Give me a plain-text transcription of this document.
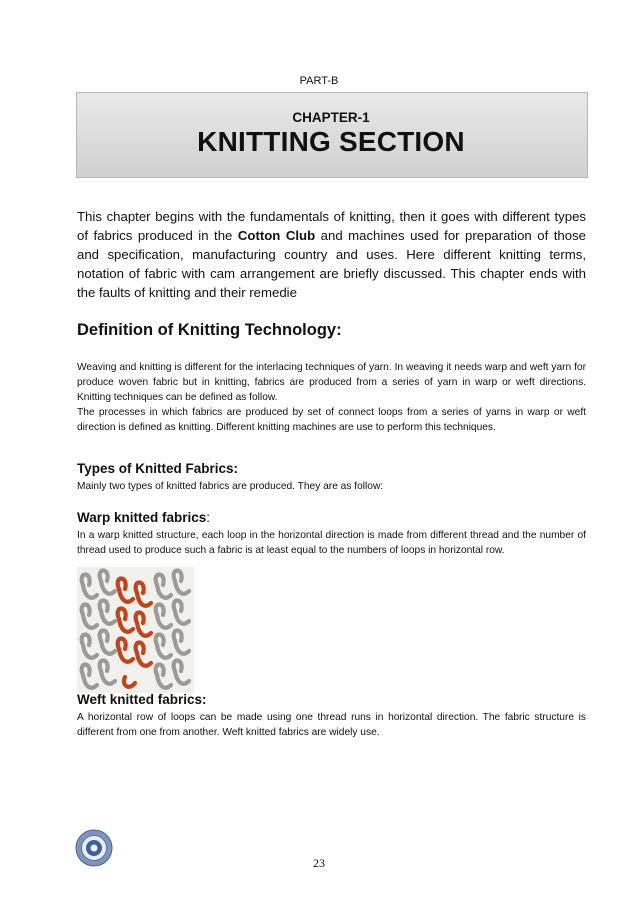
PART-B
CHAPTER-1
KNITTING SECTION

This chapter begins with the fundamentals of knitting, then it goes with different types of fabrics produced in the Cotton Club and machines used for preparation of those and specification, manufacturing country and uses. Here different knitting terms, notation of fabric with cam arrangement are briefly discussed. This chapter ends with the faults of knitting and their remedie

Definition of Knitting Technology:

Weaving and knitting is different for the interlacing techniques of yarn. In weaving it needs warp and weft yarn for produce woven fabric but in knitting, fabrics are produced from a series of yarn in warp or weft directions. Knitting techniques can be defined as follow.

The processes in which fabrics are produced by set of connect loops from a series of yarns in warp or weft direction is defined as knitting. Different knitting machines are use to perform this techniques.

Types of Knitted Fabrics:

Mainly two types of knitted fabrics are produced. They are as follow:

Warp knitted fabrics:

In a warp knitted structure, each loop in the horizontal direction is made from different thread and the number of thread used to produce such a fabric is at least equal to the numbers of loops in horizontal row.

Weft knitted fabrics:

A horizontal row of loops can be made using one thread runs in horizontal direction. The fabric structure is different from one from another. Weft knitted fabrics are widely use.

23
